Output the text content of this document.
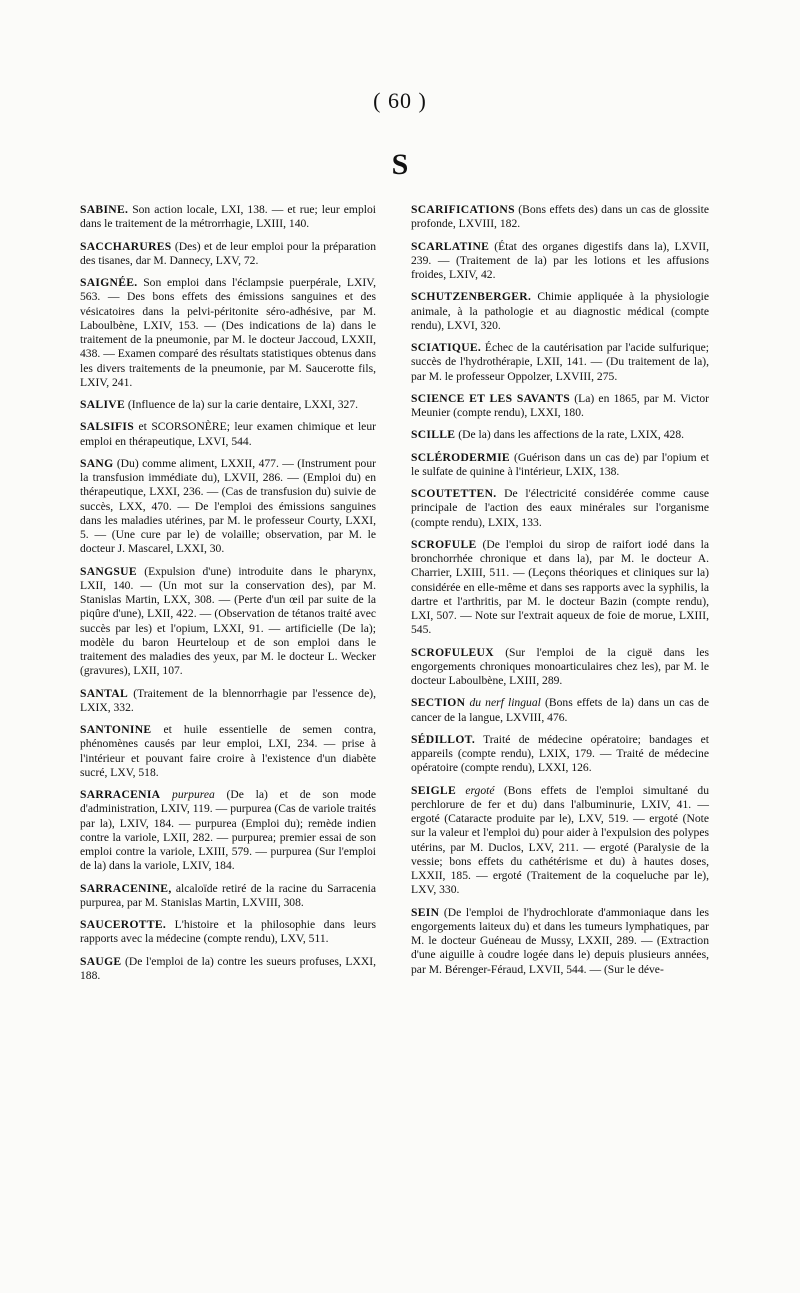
( 60 )
S

SABINE. Son action locale, LXI, 138. — et rue; leur emploi dans le traitement de la métrorrhagie, LXIII, 140.

SACCHARURES (Des) et de leur emploi pour la préparation des tisanes, dar M. Dannecy, LXV, 72.

SAIGNÉE. Son emploi dans l'éclampsie puerpérale, LXIV, 563. — Des bons effets des émissions sanguines et des vésicatoires dans la pelvi-péritonite séro-adhésive, par M. Laboulbène, LXIV, 153. — (Des indications de la) dans le traitement de la pneumonie, par M. le docteur Jaccoud, LXXII, 438. — Examen comparé des résultats statistiques obtenus dans les divers traitements de la pneumonie, par M. Saucerotte fils, LXIV, 241.

SALIVE (Influence de la) sur la carie dentaire, LXXI, 327.

SALSIFIS et SCORSONÈRE; leur examen chimique et leur emploi en thérapeutique, LXVI, 544.

SANG (Du) comme aliment, LXXII, 477. — (Instrument pour la transfusion immédiate du), LXVII, 286. — (Emploi du) en thérapeutique, LXXI, 236. — (Cas de transfusion du) suivie de succès, LXX, 470. — De l'emploi des émissions sanguines dans les maladies utérines, par M. le professeur Courty, LXXI, 5. — (Une cure par le) de volaille; observation, par M. le docteur J. Mascarel, LXXI, 30.

SANGSUE (Expulsion d'une) introduite dans le pharynx, LXII, 140. — (Un mot sur la conservation des), par M. Stanislas Martin, LXX, 308. — (Perte d'un œil par suite de la piqûre d'une), LXII, 422. — (Observation de tétanos traité avec succès par les) et l'opium, LXXI, 91. — artificielle (De la); modèle du baron Heurteloup et de son emploi dans le traitement des maladies des yeux, par M. le docteur L. Wecker (gravures), LXII, 107.

SANTAL (Traitement de la blennorrhagie par l'essence de), LXIX, 332.

SANTONINE et huile essentielle de semen contra, phénomènes causés par leur emploi, LXI, 234. — prise à l'intérieur et pouvant faire croire à l'existence d'un diabète sucré, LXV, 518.

SARRACENIA purpurea (De la) et de son mode d'administration, LXIV, 119. — purpurea (Cas de variole traités par la), LXIV, 184. — purpurea (Emploi du); remède indien contre la variole, LXII, 282. — purpurea; premier essai de son emploi contre la variole, LXIII, 579. — purpurea (Sur l'emploi de la) dans la variole, LXIV, 184.

SARRACENINE, alcaloïde retiré de la racine du Sarracenia purpurea, par M. Stanislas Martin, LXVIII, 308.

SAUCEROTTE. L'histoire et la philosophie dans leurs rapports avec la médecine (compte rendu), LXV, 511.

SAUGE (De l'emploi de la) contre les sueurs profuses, LXXI, 188.

SCARIFICATIONS (Bons effets des) dans un cas de glossite profonde, LXVIII, 182.

SCARLATINE (État des organes digestifs dans la), LXVII, 239. — (Traitement de la) par les lotions et les affusions froides, LXIV, 42.

SCHUTZENBERGER. Chimie appliquée à la physiologie animale, à la pathologie et au diagnostic médical (compte rendu), LXVI, 320.

SCIATIQUE. Échec de la cautérisation par l'acide sulfurique; succès de l'hydrothérapie, LXII, 141. — (Du traitement de la), par M. le professeur Oppolzer, LXVIII, 275.

SCIENCE ET LES SAVANTS (La) en 1865, par M. Victor Meunier (compte rendu), LXXI, 180.

SCILLE (De la) dans les affections de la rate, LXIX, 428.

SCLÉRODERMIE (Guérison dans un cas de) par l'opium et le sulfate de quinine à l'intérieur, LXIX, 138.

SCOUTETTEN. De l'électricité considérée comme cause principale de l'action des eaux minérales sur l'organisme (compte rendu), LXIX, 133.

SCROFULE (De l'emploi du sirop de raifort iodé dans la bronchorrhée chronique et dans la), par M. le docteur A. Charrier, LXIII, 511. — (Leçons théoriques et cliniques sur la) considérée en elle-même et dans ses rapports avec la syphilis, la dartre et l'arthritis, par M. le docteur Bazin (compte rendu), LXI, 507. — Note sur l'extrait aqueux de foie de morue, LXIII, 545.

SCROFULEUX (Sur l'emploi de la ciguë dans les engorgements chroniques monoarticulaires chez les), par M. le docteur Laboulbène, LXIII, 289.

SECTION du nerf lingual (Bons effets de la) dans un cas de cancer de la langue, LXVIII, 476.

SÉDILLOT. Traité de médecine opératoire; bandages et appareils (compte rendu), LXIX, 179. — Traité de médecine opératoire (compte rendu), LXXI, 126.

SEIGLE ergoté (Bons effets de l'emploi simultané du perchlorure de fer et du) dans l'albuminurie, LXIV, 41. — ergoté (Cataracte produite par le), LXV, 519. — ergoté (Note sur la valeur et l'emploi du) pour aider à l'expulsion des polypes utérins, par M. Duclos, LXV, 211. — ergoté (Paralysie de la vessie; bons effets du cathétérisme et du) à hautes doses, LXXII, 185. — ergoté (Traitement de la coqueluche par le), LXV, 330.

SEIN (De l'emploi de l'hydrochlorate d'ammoniaque dans les engorgements laiteux du) et dans les tumeurs lymphatiques, par M. le docteur Guéneau de Mussy, LXXII, 289. — (Extraction d'une aiguille à coudre logée dans le) depuis plusieurs années, par M. Bérenger-Féraud, LXVII, 544. — (Sur le déve-
